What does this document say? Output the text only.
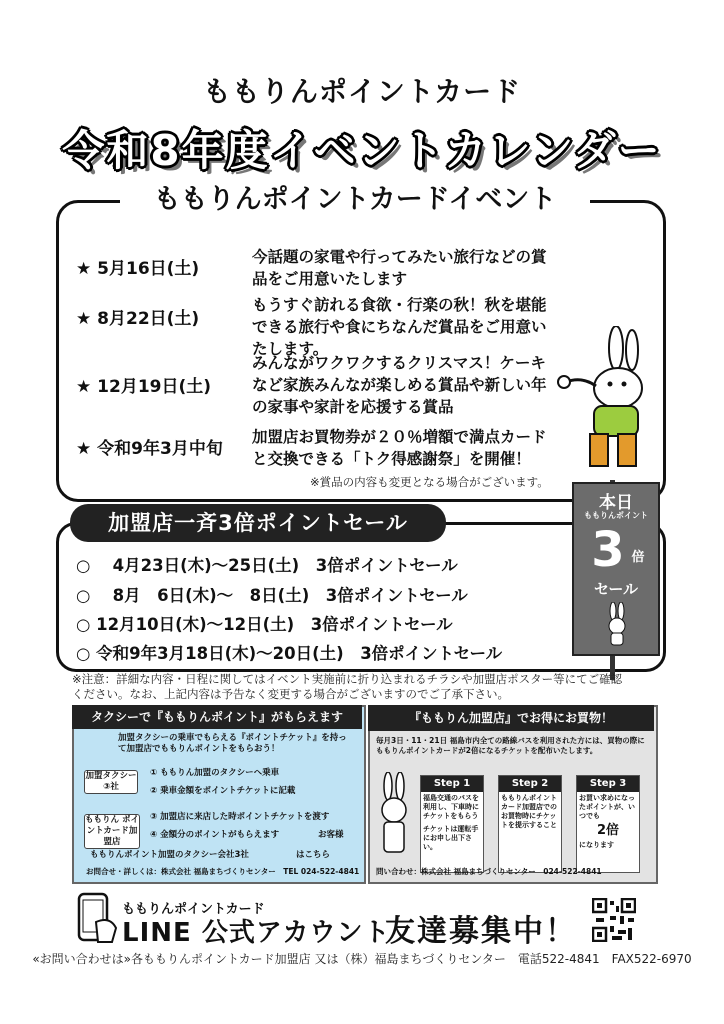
ももりんポイントカード
令和8年度イベントカレンダー
ももりんポイントカードイベント
★ 5月16日(土)
今話題の家電や行ってみたい旅行などの賞品をご用意いたします
★ 8月22日(土)
もうすぐ訪れる食欲・行楽の秋！秋を堪能できる旅行や食にちなんだ賞品をご用意いたします。
★ 12月19日(土)
みんながワクワクするクリスマス！ケーキなど家族みんなが楽しめる賞品や新しい年の家事や家計を応援する賞品
★ 令和9年3月中旬
加盟店お買物券が２０％増額で満点カードと交換できる「トク得感謝祭」を開催！
※賞品の内容も変更となる場合がございます。
加盟店一斉3倍ポイントセール
○　 4月23日(木)～25日(土)　3倍ポイントセール
○　 8月　6日(木)～　8日(土)　3倍ポイントセール
○ 12月10日(木)～12日(土)　3倍ポイントセール
○ 令和9年3月18日(木)～20日(土)　3倍ポイントセール
本日
ももりんポイント
3 倍
セール
※注意：詳細な内容・日程に関してはイベント実施前に折り込まれるチラシや加盟店ポスター等にてご確認ください。なお、上記内容は予告なく変更する場合がございますのでご了承下さい。
タクシーで『ももりんポイント』がもらえます
加盟タクシーの乗車でもらえる『ポイントチケット』を持って加盟店でももりんポイントをもらおう！
加盟タクシー ③社
① ももりん加盟のタクシーへ乗車
② 乗車金額をポイントチケットに記載
ももりん ポイントカード加盟店
③ 加盟店に来店した時ポイントチケットを渡す
④ 金額分のポイントがもらえます	お客様
ももりんポイント加盟のタクシー会社3社	はこちら
お問合せ・詳しくは：株式会社 福島まちづくりセンター　TEL 024-522-4841
『ももりん加盟店』でお得にお買物！
毎月3日・11・21日 福島市内全ての路線バスを利用された方には、買物の際にももりんポイントカードが2倍になるチケットを配布いたします。
Step 1
福島交通のバスを利用し、下車時にチケットをもらう
チケットは運転手にお申し出下さい。
Step 2
ももりんポイントカード加盟店でのお買物時にチケットを提示すること
Step 3
お買い求めになったポイントが、いつでも
2倍
になります
問い合わせ：株式会社 福島まちづくりセンター　024-522-4841
ももりんポイントカード
LINE 公式アカウント
友達募集中！
«お問い合わせは»各ももりんポイントカード加盟店 又は（株）福島まちづくりセンター　電話522-4841　FAX522-6970
